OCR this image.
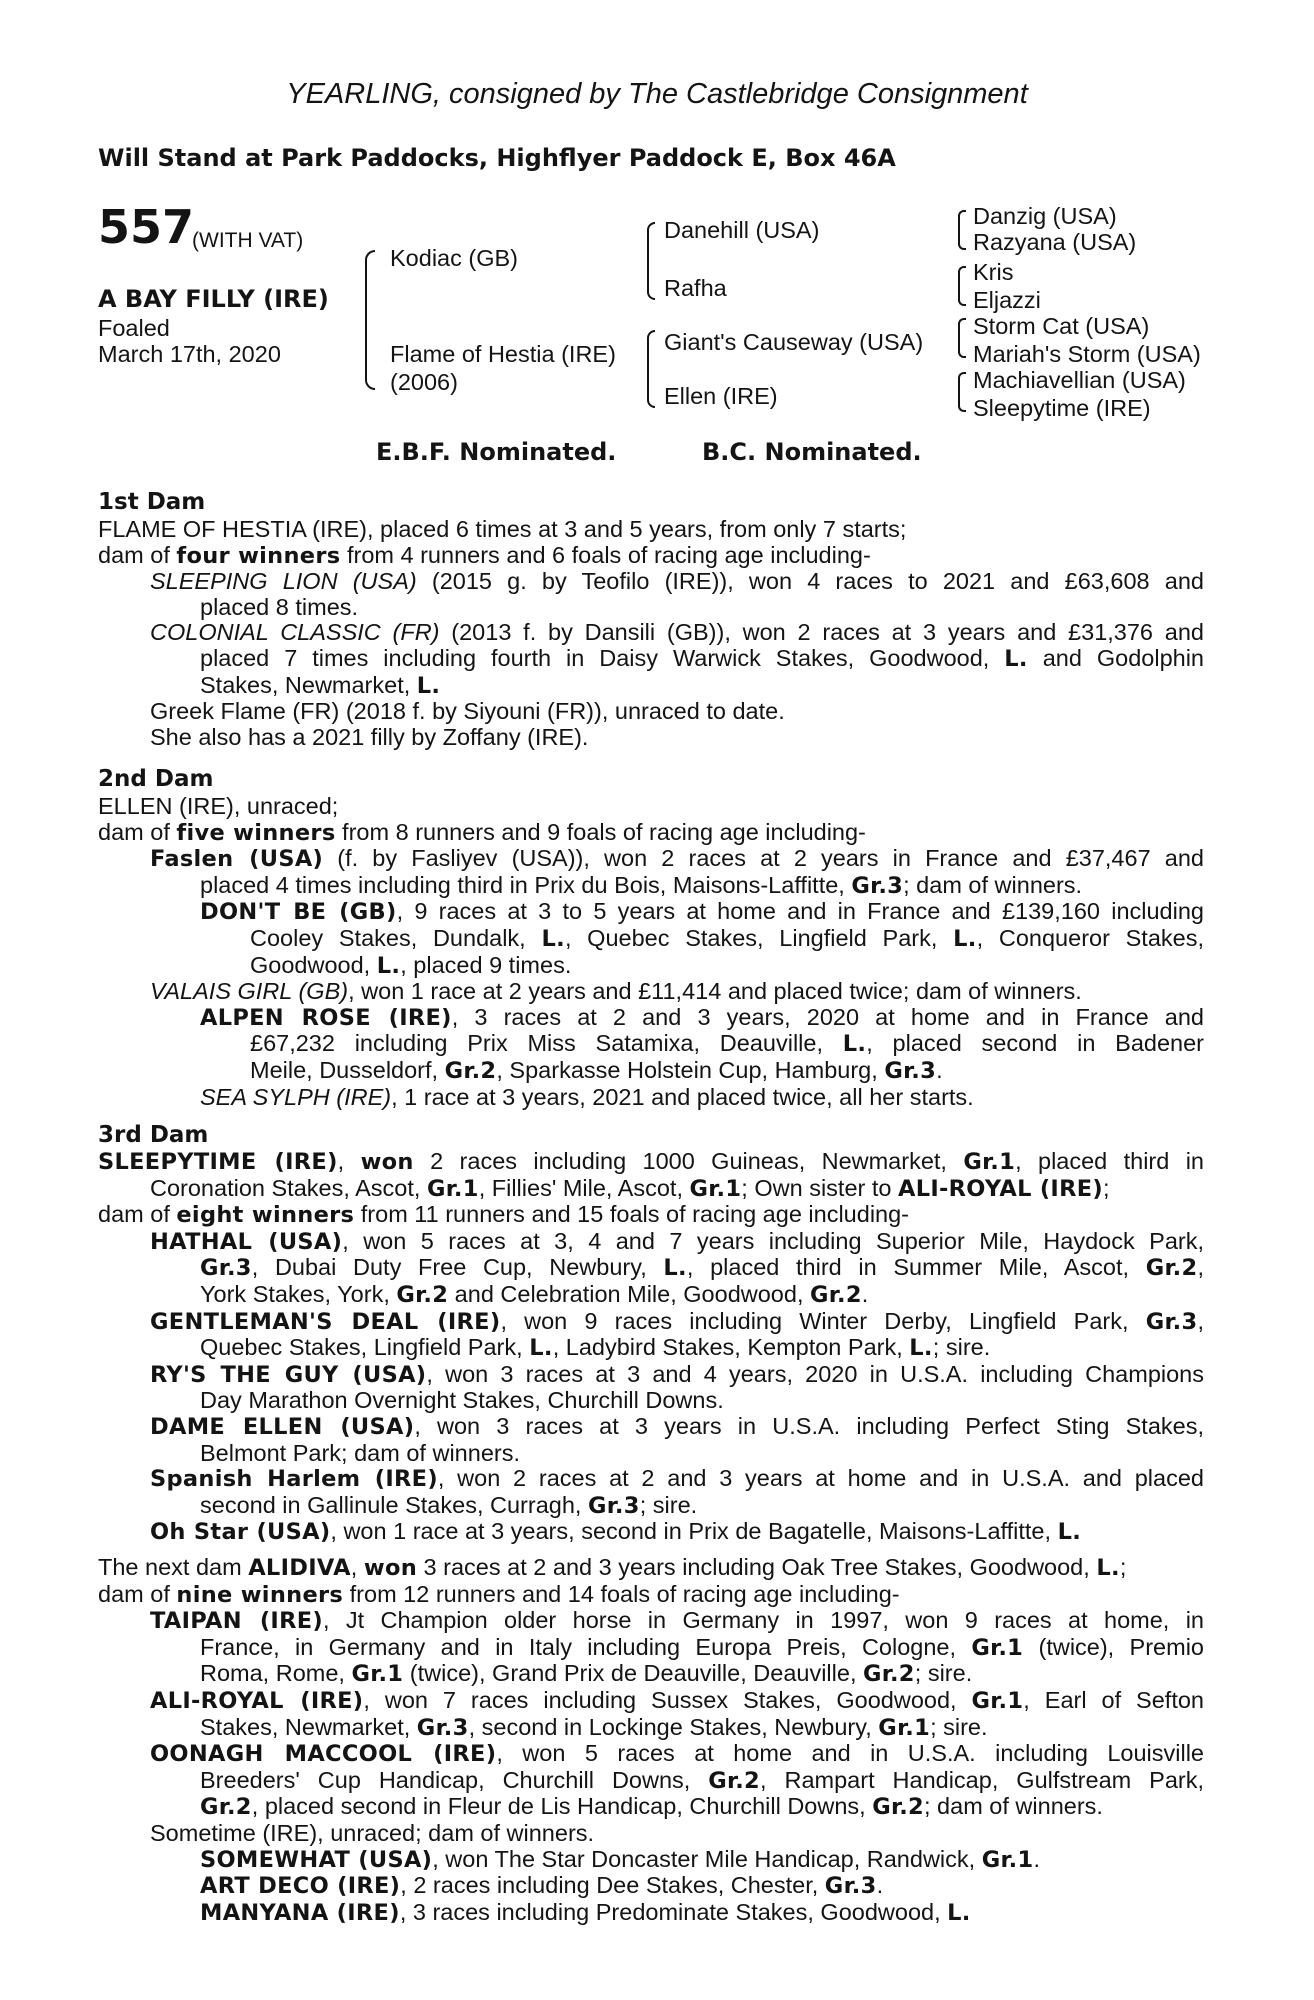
YEARLING, consigned by The Castlebridge Consignment
Will Stand at Park Paddocks, Highflyer Paddock E, Box 46A
557
(WITH VAT)
A BAY FILLY (IRE)
Foaled
March 17th, 2020
Kodiac (GB)
Flame of Hestia (IRE)
(2006)
Danehill (USA)
Rafha
Giant's Causeway (USA)
Ellen (IRE)
Danzig (USA)
Razyana (USA)
Kris
Eljazzi
Storm Cat (USA)
Mariah's Storm (USA)
Machiavellian (USA)
Sleepytime (IRE)
E.B.F. Nominated.	B.C. Nominated.
1st Dam
FLAME OF HESTIA (IRE), placed 6 times at 3 and 5 years, from only 7 starts;
dam of four winners from 4 runners and 6 foals of racing age including-
SLEEPING LION (USA) (2015 g. by Teofilo (IRE)), won 4 races to 2021 and £63,608 and
placed 8 times.
COLONIAL CLASSIC (FR) (2013 f. by Dansili (GB)), won 2 races at 3 years and £31,376 and
placed 7 times including fourth in Daisy Warwick Stakes, Goodwood, L. and Godolphin
Stakes, Newmarket, L.
Greek Flame (FR) (2018 f. by Siyouni (FR)), unraced to date.
She also has a 2021 filly by Zoffany (IRE).
2nd Dam
ELLEN (IRE), unraced;
dam of five winners from 8 runners and 9 foals of racing age including-
Faslen (USA) (f. by Fasliyev (USA)), won 2 races at 2 years in France and £37,467 and
placed 4 times including third in Prix du Bois, Maisons-Laffitte, Gr.3; dam of winners.
DON'T BE (GB), 9 races at 3 to 5 years at home and in France and £139,160 including
Cooley Stakes, Dundalk, L., Quebec Stakes, Lingfield Park, L., Conqueror Stakes,
Goodwood, L., placed 9 times.
VALAIS GIRL (GB), won 1 race at 2 years and £11,414 and placed twice; dam of winners.
ALPEN ROSE (IRE), 3 races at 2 and 3 years, 2020 at home and in France and
£67,232 including Prix Miss Satamixa, Deauville, L., placed second in Badener
Meile, Dusseldorf, Gr.2, Sparkasse Holstein Cup, Hamburg, Gr.3.
SEA SYLPH (IRE), 1 race at 3 years, 2021 and placed twice, all her starts.
3rd Dam
SLEEPYTIME (IRE), won 2 races including 1000 Guineas, Newmarket, Gr.1, placed third in
Coronation Stakes, Ascot, Gr.1, Fillies' Mile, Ascot, Gr.1; Own sister to ALI-ROYAL (IRE);
dam of eight winners from 11 runners and 15 foals of racing age including-
HATHAL (USA), won 5 races at 3, 4 and 7 years including Superior Mile, Haydock Park,
Gr.3, Dubai Duty Free Cup, Newbury, L., placed third in Summer Mile, Ascot, Gr.2,
York Stakes, York, Gr.2 and Celebration Mile, Goodwood, Gr.2.
GENTLEMAN'S DEAL (IRE), won 9 races including Winter Derby, Lingfield Park, Gr.3,
Quebec Stakes, Lingfield Park, L., Ladybird Stakes, Kempton Park, L.; sire.
RY'S THE GUY (USA), won 3 races at 3 and 4 years, 2020 in U.S.A. including Champions
Day Marathon Overnight Stakes, Churchill Downs.
DAME ELLEN (USA), won 3 races at 3 years in U.S.A. including Perfect Sting Stakes,
Belmont Park; dam of winners.
Spanish Harlem (IRE), won 2 races at 2 and 3 years at home and in U.S.A. and placed
second in Gallinule Stakes, Curragh, Gr.3; sire.
Oh Star (USA), won 1 race at 3 years, second in Prix de Bagatelle, Maisons-Laffitte, L.
The next dam ALIDIVA, won 3 races at 2 and 3 years including Oak Tree Stakes, Goodwood, L.;
dam of nine winners from 12 runners and 14 foals of racing age including-
TAIPAN (IRE), Jt Champion older horse in Germany in 1997, won 9 races at home, in
France, in Germany and in Italy including Europa Preis, Cologne, Gr.1 (twice), Premio
Roma, Rome, Gr.1 (twice), Grand Prix de Deauville, Deauville, Gr.2; sire.
ALI-ROYAL (IRE), won 7 races including Sussex Stakes, Goodwood, Gr.1, Earl of Sefton
Stakes, Newmarket, Gr.3, second in Lockinge Stakes, Newbury, Gr.1; sire.
OONAGH MACCOOL (IRE), won 5 races at home and in U.S.A. including Louisville
Breeders' Cup Handicap, Churchill Downs, Gr.2, Rampart Handicap, Gulfstream Park,
Gr.2, placed second in Fleur de Lis Handicap, Churchill Downs, Gr.2; dam of winners.
Sometime (IRE), unraced; dam of winners.
SOMEWHAT (USA), won The Star Doncaster Mile Handicap, Randwick, Gr.1.
ART DECO (IRE), 2 races including Dee Stakes, Chester, Gr.3.
MANYANA (IRE), 3 races including Predominate Stakes, Goodwood, L.
